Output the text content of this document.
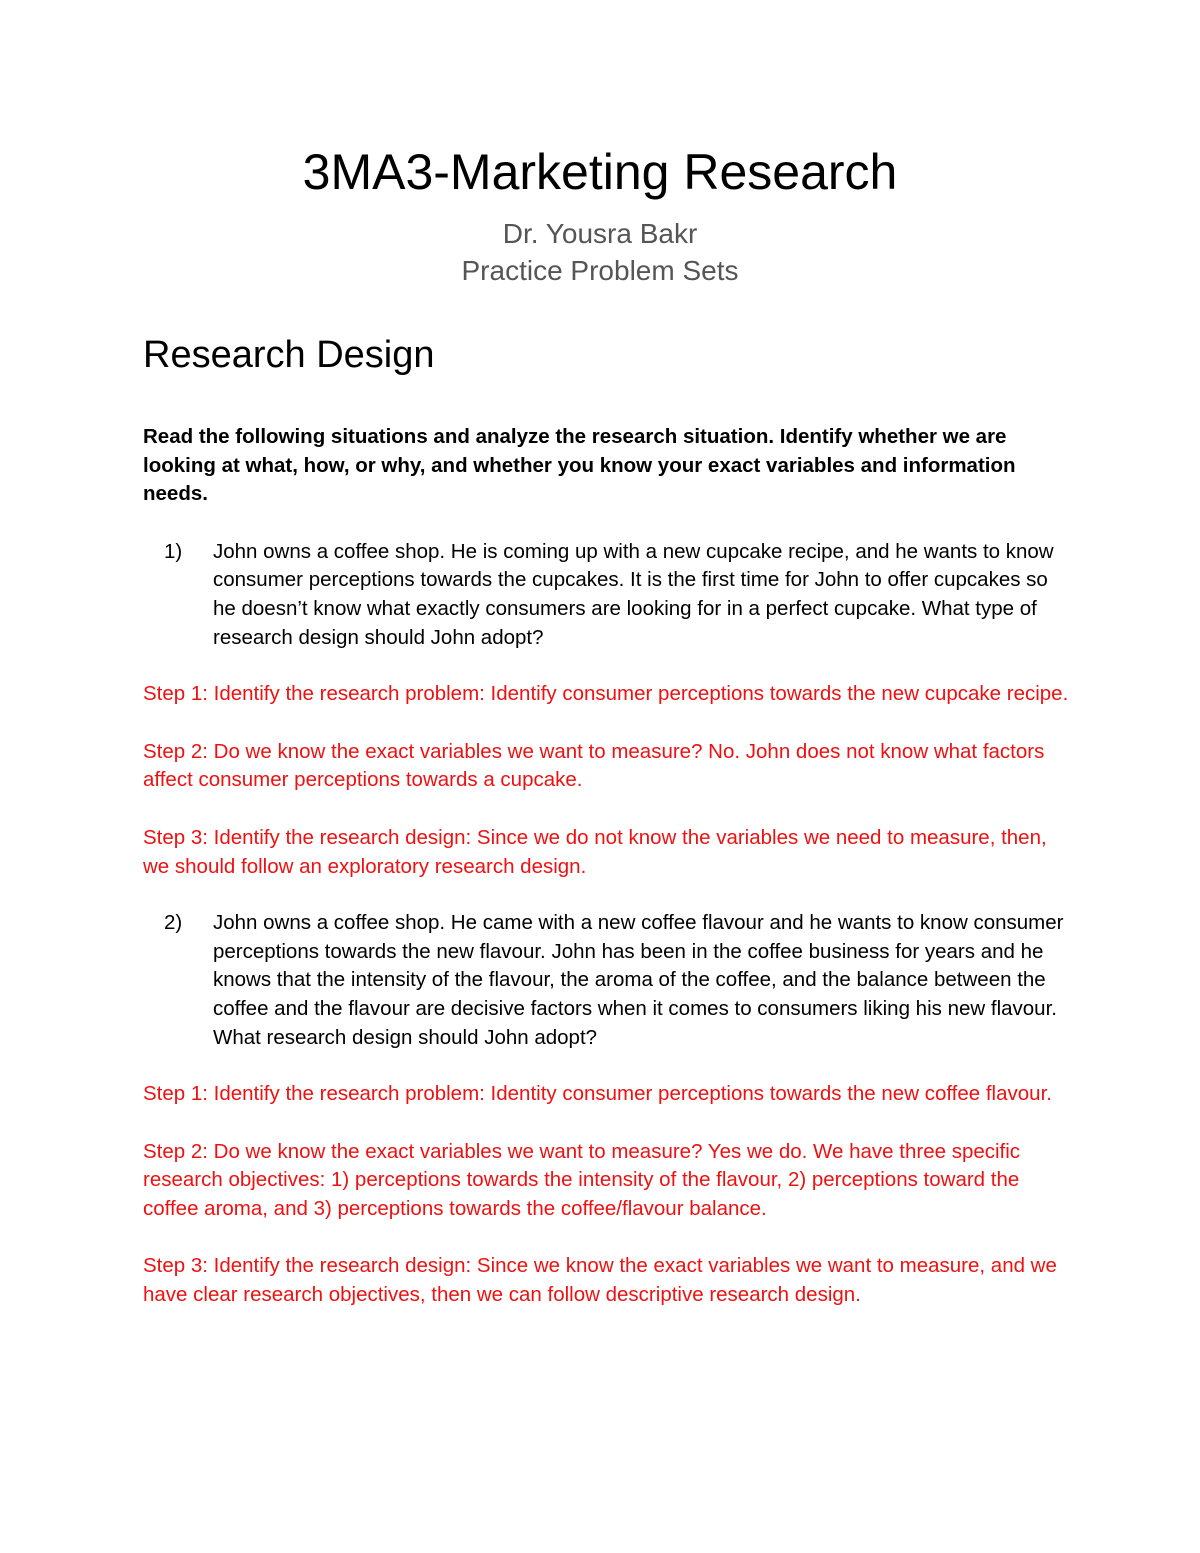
3MA3-Marketing Research
Dr. Yousra Bakr
Practice Problem Sets
Research Design

Read the following situations and analyze the research situation. Identify whether we are looking at what, how, or why, and whether you know your exact variables and information needs.

1) John owns a coffee shop. He is coming up with a new cupcake recipe, and he wants to know consumer perceptions towards the cupcakes. It is the first time for John to offer cupcakes so he doesn’t know what exactly consumers are looking for in a perfect cupcake. What type of research design should John adopt?

Step 1: Identify the research problem: Identify consumer perceptions towards the new cupcake recipe.

Step 2: Do we know the exact variables we want to measure? No. John does not know what factors affect consumer perceptions towards a cupcake.

Step 3: Identify the research design: Since we do not know the variables we need to measure, then, we should follow an exploratory research design.

2) John owns a coffee shop. He came with a new coffee flavour and he wants to know consumer perceptions towards the new flavour. John has been in the coffee business for years and he knows that the intensity of the flavour, the aroma of the coffee, and the balance between the coffee and the flavour are decisive factors when it comes to consumers liking his new flavour. What research design should John adopt?

Step 1: Identify the research problem: Identity consumer perceptions towards the new coffee flavour.

Step 2: Do we know the exact variables we want to measure? Yes we do. We have three specific research objectives: 1) perceptions towards the intensity of the flavour, 2) perceptions toward the coffee aroma, and 3) perceptions towards the coffee/flavour balance.

Step 3: Identify the research design: Since we know the exact variables we want to measure, and we have clear research objectives, then we can follow descriptive research design.
